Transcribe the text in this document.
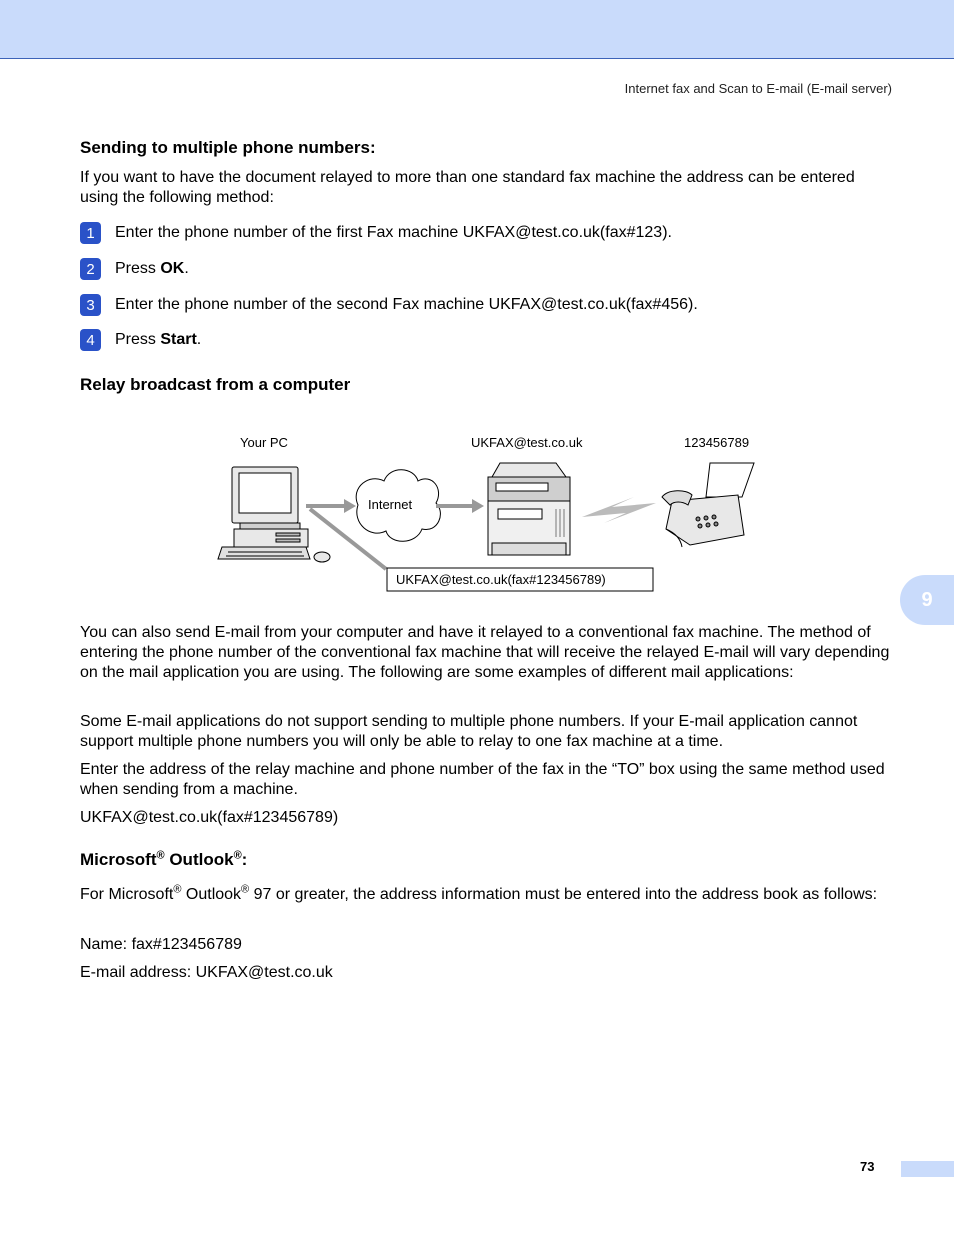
Internet fax and Scan to E-mail (E-mail server)
Sending to multiple phone numbers:

If you want to have the document relayed to more than one standard fax machine the address can be entered using the following method:

1	Enter the phone number of the first Fax machine UKFAX@test.co.uk(fax#123).
2	Press OK .
3	Enter the phone number of the second Fax machine UKFAX@test.co.uk(fax#456).
4	Press Start .
Relay broadcast from a computer

You can also send E-mail from your computer and have it relayed to a conventional fax machine. The method of entering the phone number of the conventional fax machine that will receive the relayed E-mail will vary depending on the mail application you are using. The following are some examples of different mail applications:

Some E-mail applications do not support sending to multiple phone numbers. If your E-mail application cannot support multiple phone numbers you will only be able to relay to one fax machine at a time.

Enter the address of the relay machine and phone number of the fax in the “TO” box using the same method used when sending from a machine.

UKFAX@test.co.uk(fax#123456789)

Microsoft® Outlook®:

For Microsoft® Outlook® 97 or greater, the address information must be entered into the address book as follows:

Name: fax#123456789

E-mail address: UKFAX@test.co.uk

Your PC	UKFAX@test.co.uk	123456789
Internet
UKFAX@test.co.uk(fax#123456789)
9
73
